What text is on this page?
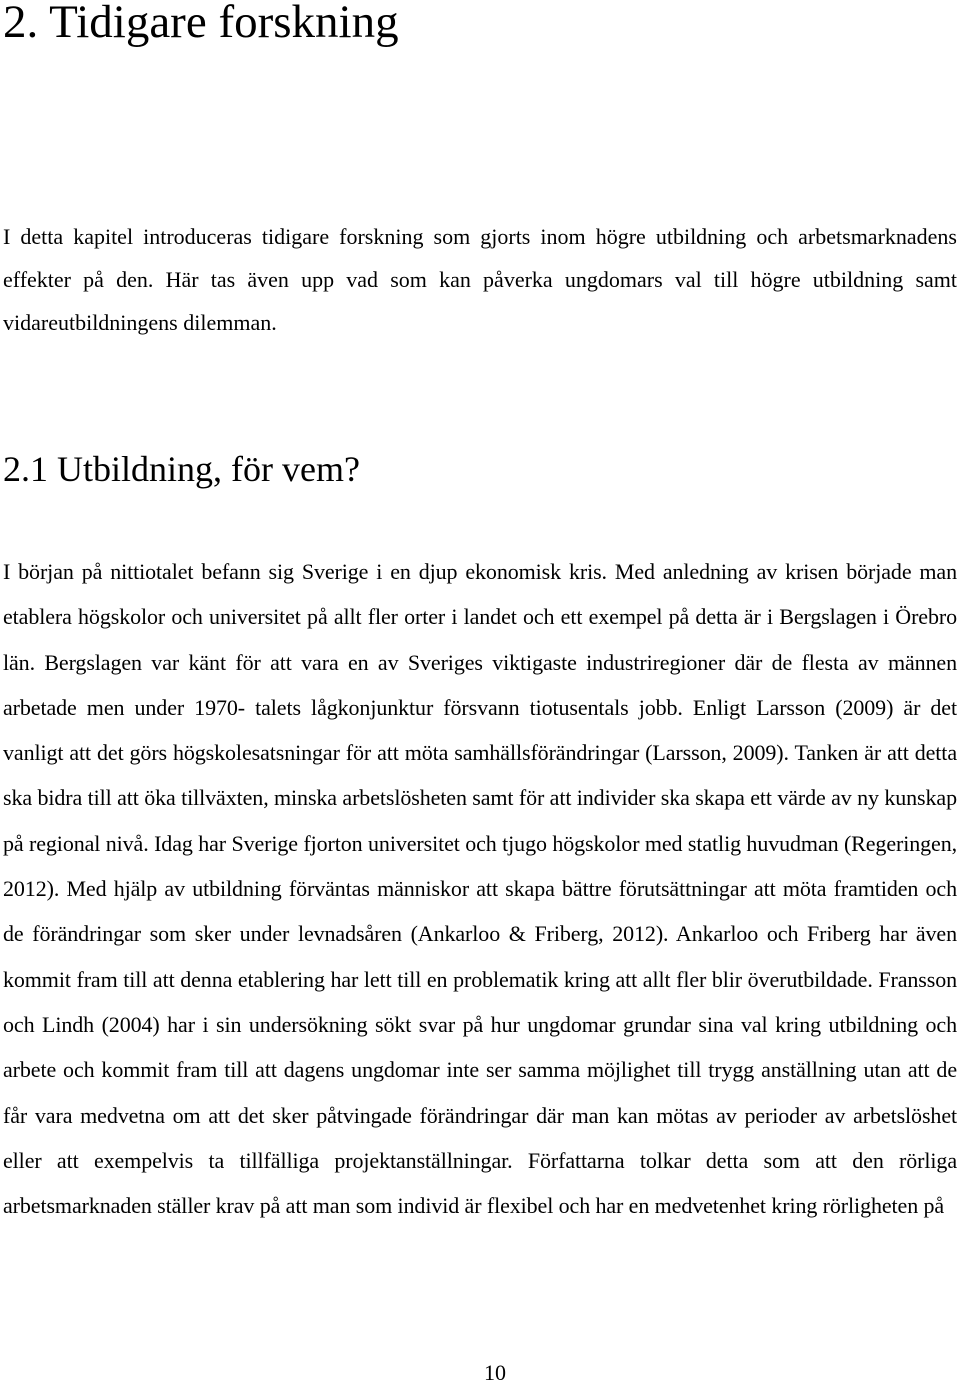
2. Tidigare forskning

I detta kapitel introduceras tidigare forskning som gjorts inom högre utbildning och arbetsmarknadens effekter på den. Här tas även upp vad som kan påverka ungdomars val till högre utbildning samt vidareutbildningens dilemman.

2.1 Utbildning, för vem?

I början på nittiotalet befann sig Sverige i en djup ekonomisk kris. Med anledning av krisen började man etablera högskolor och universitet på allt fler orter i landet och ett exempel på detta är i Bergslagen i Örebro län. Bergslagen var känt för att vara en av Sveriges viktigaste industriregioner där de flesta av männen arbetade men under 1970- talets lågkonjunktur försvann tiotusentals jobb. Enligt Larsson (2009) är det vanligt att det görs högskolesatsningar för att möta samhällsförändringar (Larsson, 2009). Tanken är att detta ska bidra till att öka tillväxten, minska arbetslösheten samt för att individer ska skapa ett värde av ny kunskap på regional nivå. Idag har Sverige fjorton universitet och tjugo högskolor med statlig huvudman (Regeringen, 2012). Med hjälp av utbildning förväntas människor att skapa bättre förutsättningar att möta framtiden och de förändringar som sker under levnadsåren (Ankarloo & Friberg, 2012). Ankarloo och Friberg har även kommit fram till att denna etablering har lett till en problematik kring att allt fler blir överutbildade. Fransson och Lindh (2004) har i sin undersökning sökt svar på hur ungdomar grundar sina val kring utbildning och arbete och kommit fram till att dagens ungdomar inte ser samma möjlighet till trygg anställning utan att de får vara medvetna om att det sker påtvingade förändringar där man kan mötas av perioder av arbetslöshet eller att exempelvis ta tillfälliga projektanställningar. Författarna tolkar detta som att den rörliga arbetsmarknaden ställer krav på att man som individ är flexibel och har en medvetenhet kring rörligheten på

10
